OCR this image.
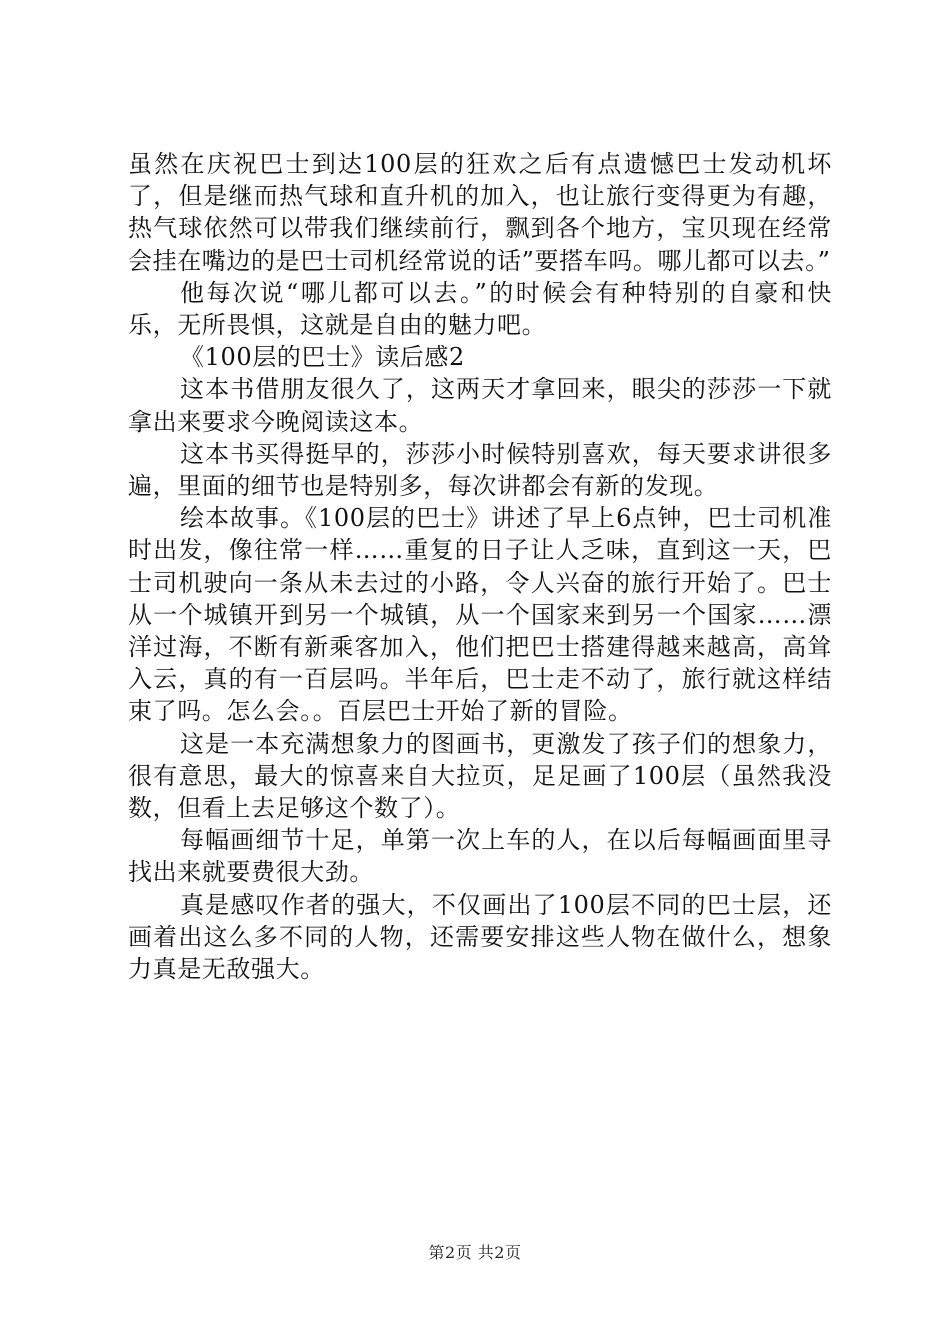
虽然在庆祝巴士到达100层的狂欢之后有点遗憾巴士发动机坏了，但是继而热气球和直升机的加入，也让旅行变得更为有趣，热气球依然可以带我们继续前行，飘到各个地方，宝贝现在经常会挂在嘴边的是巴士司机经常说的话”要搭车吗。哪儿都可以去。”

他每次说“哪儿都可以去。”的时候会有种特别的自豪和快乐，无所畏惧，这就是自由的魅力吧。

《100层的巴士》读后感2

这本书借朋友很久了，这两天才拿回来，眼尖的莎莎一下就拿出来要求今晚阅读这本。

这本书买得挺早的，莎莎小时候特别喜欢，每天要求讲很多遍，里面的细节也是特别多，每次讲都会有新的发现。

绘本故事。《100层的巴士》讲述了早上6点钟，巴士司机准时出发，像往常一样……重复的日子让人乏味，直到这一天，巴士司机驶向一条从未去过的小路，令人兴奋的旅行开始了。巴士从一个城镇开到另一个城镇，从一个国家来到另一个国家……漂洋过海，不断有新乘客加入，他们把巴士搭建得越来越高，高耸入云，真的有一百层吗。半年后，巴士走不动了，旅行就这样结束了吗。怎么会。。百层巴士开始了新的冒险。

这是一本充满想象力的图画书，更激发了孩子们的想象力，很有意思，最大的惊喜来自大拉页，足足画了100层（虽然我没数，但看上去足够这个数了）。

每幅画细节十足，单第一次上车的人，在以后每幅画面里寻找出来就要费很大劲。

真是感叹作者的强大，不仅画出了100层不同的巴士层，还画着出这么多不同的人物，还需要安排这些人物在做什么，想象力真是无敌强大。

第2页 共2页
